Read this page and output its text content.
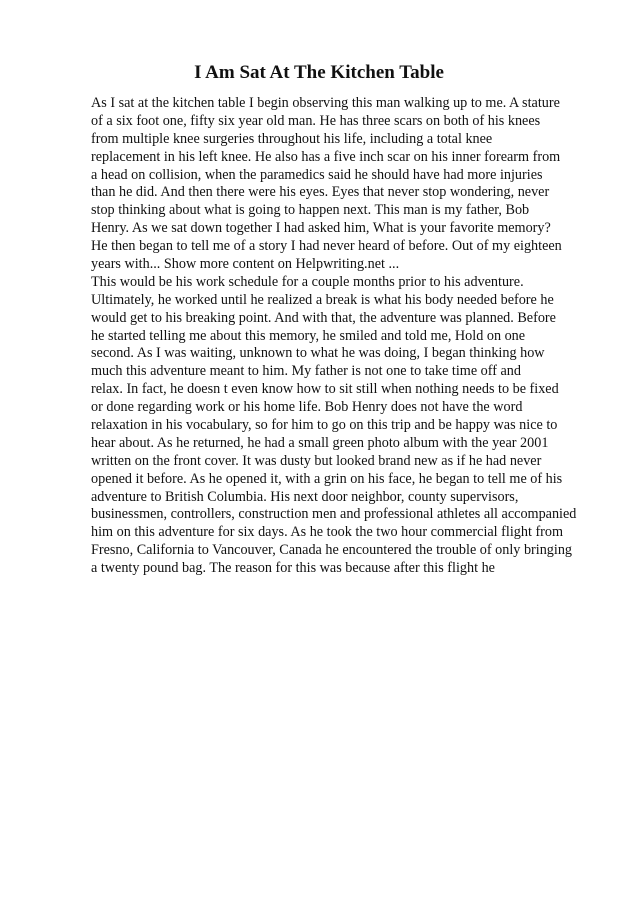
I Am Sat At The Kitchen Table
As I sat at the kitchen table I begin observing this man walking up to me. A stature
of a six foot one, fifty six year old man. He has three scars on both of his knees
from multiple knee surgeries throughout his life, including a total knee
replacement in his left knee. He also has a five inch scar on his inner forearm from
a head on collision, when the paramedics said he should have had more injuries
than he did. And then there were his eyes. Eyes that never stop wondering, never
stop thinking about what is going to happen next. This man is my father, Bob
Henry. As we sat down together I had asked him, What is your favorite memory?
He then began to tell me of a story I had never heard of before. Out of my eighteen
years with... Show more content on Helpwriting.net ...
This would be his work schedule for a couple months prior to his adventure.
Ultimately, he worked until he realized a break is what his body needed before he
would get to his breaking point. And with that, the adventure was planned. Before
he started telling me about this memory, he smiled and told me, Hold on one
second. As I was waiting, unknown to what he was doing, I began thinking how
much this adventure meant to him. My father is not one to take time off and
relax. In fact, he doesn t even know how to sit still when nothing needs to be fixed
or done regarding work or his home life. Bob Henry does not have the word
relaxation in his vocabulary, so for him to go on this trip and be happy was nice to
hear about. As he returned, he had a small green photo album with the year 2001
written on the front cover. It was dusty but looked brand new as if he had never
opened it before. As he opened it, with a grin on his face, he began to tell me of his
adventure to British Columbia. His next door neighbor, county supervisors,
businessmen, controllers, construction men and professional athletes all accompanied
him on this adventure for six days. As he took the two hour commercial flight from
Fresno, California to Vancouver, Canada he encountered the trouble of only bringing
a twenty pound bag. The reason for this was because after this flight he
